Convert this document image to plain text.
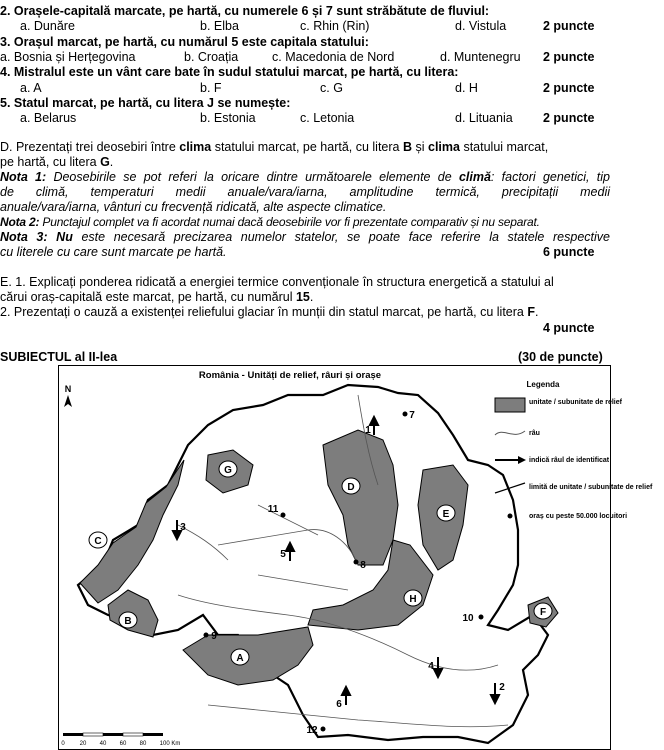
2. Orașele-capitală marcate, pe hartă, cu numerele 6 și 7 sunt străbătute de fluviul:
a. Dunăre	b. Elba	c. Rhin (Rin)	d. Vistula	2 puncte
3. Orașul marcat, pe hartă, cu numărul 5 este capitala statului:
a. Bosnia și Herțegovina	b. Croația	c. Macedonia de Nord	d. Muntenegru 2 puncte
4. Mistralul este un vânt care bate în sudul statului marcat, pe hartă, cu litera:
a. A	b. F	c. G	d. H	2 puncte
5. Statul marcat, pe hartă, cu litera J se numește:
a. Belarus	b. Estonia	c. Letonia	d. Lituania 2 puncte
D. Prezentați trei deosebiri între clima statului marcat, pe hartă, cu litera B și clima statului marcat,
pe hartă, cu litera G.
Nota 1: Deosebirile se pot referi la oricare dintre următoarele elemente de climă: factori genetici, tip
de climă, temperaturi medii anuale/vara/iarna, amplitudine termică, precipitații medii
anuale/vara/iarna, vânturi cu frecvență ridicată, alte aspecte climatice.
Nota 2: Punctajul complet va fi acordat numai dacă deosebirile vor fi prezentate comparativ și nu separat.
Nota 3: Nu este necesară precizarea numelor statelor, se poate face referire la statele respective
cu literele cu care sunt marcate pe hartă.	6 puncte
E. 1. Explicați ponderea ridicată a energiei termice convenționale în structura energetică a statului al
cărui oraș-capitală este marcat, pe hartă, cu numărul 15.
2. Prezentați o cauză a existenței reliefului glaciar în munții din statul marcat, pe hartă, cu litera F.
4 puncte
SUBIECTUL al II-lea	(30 de puncte)
România - Unități de relief, râuri și orașe
N
A
B
C
D
E
F
G
H
1
2
3
4
5
6
7
8
9
10
11
12
Legenda
unitate / subunitate de relief
râu
indică râul de identificat
limită de unitate / subunitate de relief
oraș cu peste 50.000 locuitori
0 20 40 60 80 100 Km
